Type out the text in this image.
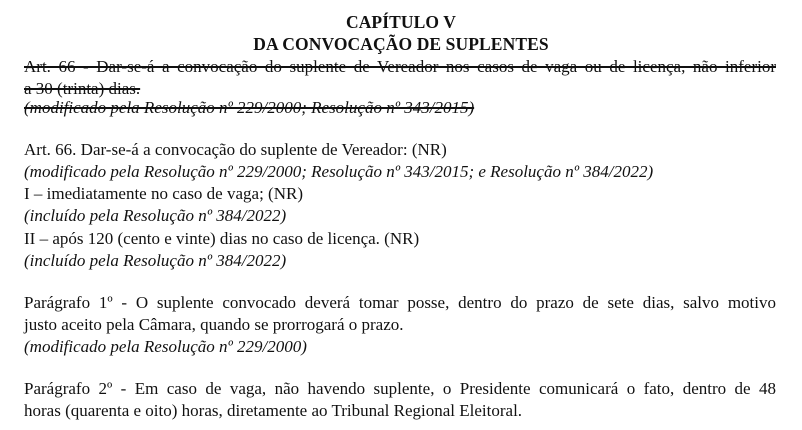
CAPÍTULO V
DA CONVOCAÇÃO DE SUPLENTES
Art. 66 - Dar-se-á a convocação do suplente de Vereador nos casos de vaga ou de licença, não inferior
a 30 (trinta) dias.
(modificado pela Resolução nº 229/2000; Resolução nº 343/2015)
Art. 66. Dar-se-á a convocação do suplente de Vereador: (NR)
(modificado pela Resolução nº 229/2000; Resolução nº 343/2015; e Resolução nº 384/2022)
I – imediatamente no caso de vaga; (NR)
(incluído pela Resolução nº 384/2022)
II – após 120 (cento e vinte) dias no caso de licença. (NR)
(incluído pela Resolução nº 384/2022)
Parágrafo 1º - O suplente convocado deverá tomar posse, dentro do prazo de sete dias, salvo motivo
justo aceito pela Câmara, quando se prorrogará o prazo.
(modificado pela Resolução nº 229/2000)
Parágrafo 2º - Em caso de vaga, não havendo suplente, o Presidente comunicará o fato, dentro de 48
horas (quarenta e oito) horas, diretamente ao Tribunal Regional Eleitoral.
